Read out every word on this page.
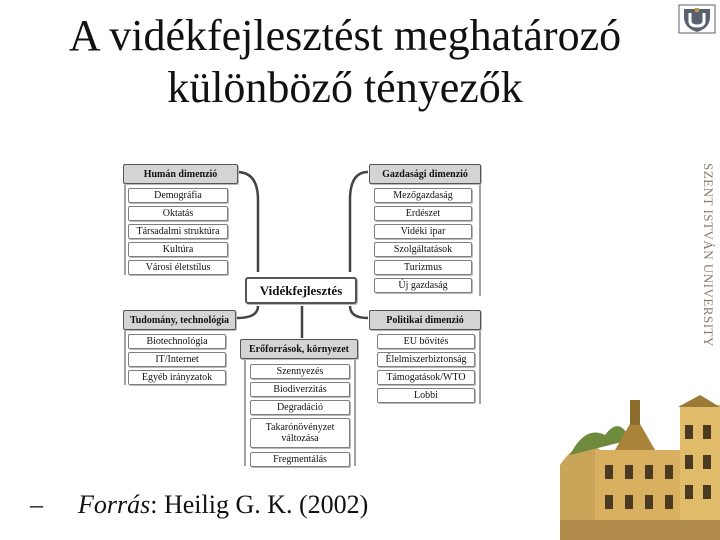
A vidékfejlesztést meghatározó
különböző tényezők
SZENT ISTVÁN UNIVERSITY
Humán dimenzió
Demográfia
Oktatás
Társadalmi struktúra
Kultúra
Városi életstílus
Gazdasági dimenzió
Mezőgazdaság
Erdészet
Vidéki ipar
Szolgáltatások
Turizmus
Új gazdaság
Vidékfejlesztés
Tudomány, technológia
Biotechnológia
IT/Internet
Egyéb irányzatok
Politikai dimenzió
EU bővítés
Élelmiszerbiztonság
Támogatások/WTO
Lobbi
Erőforrások, környezet
Szennyezés
Biodiverzitás
Degradáció
Takarónövényzet változása
Fregmentálás
– Forrás: Heilig G. K. (2002)
